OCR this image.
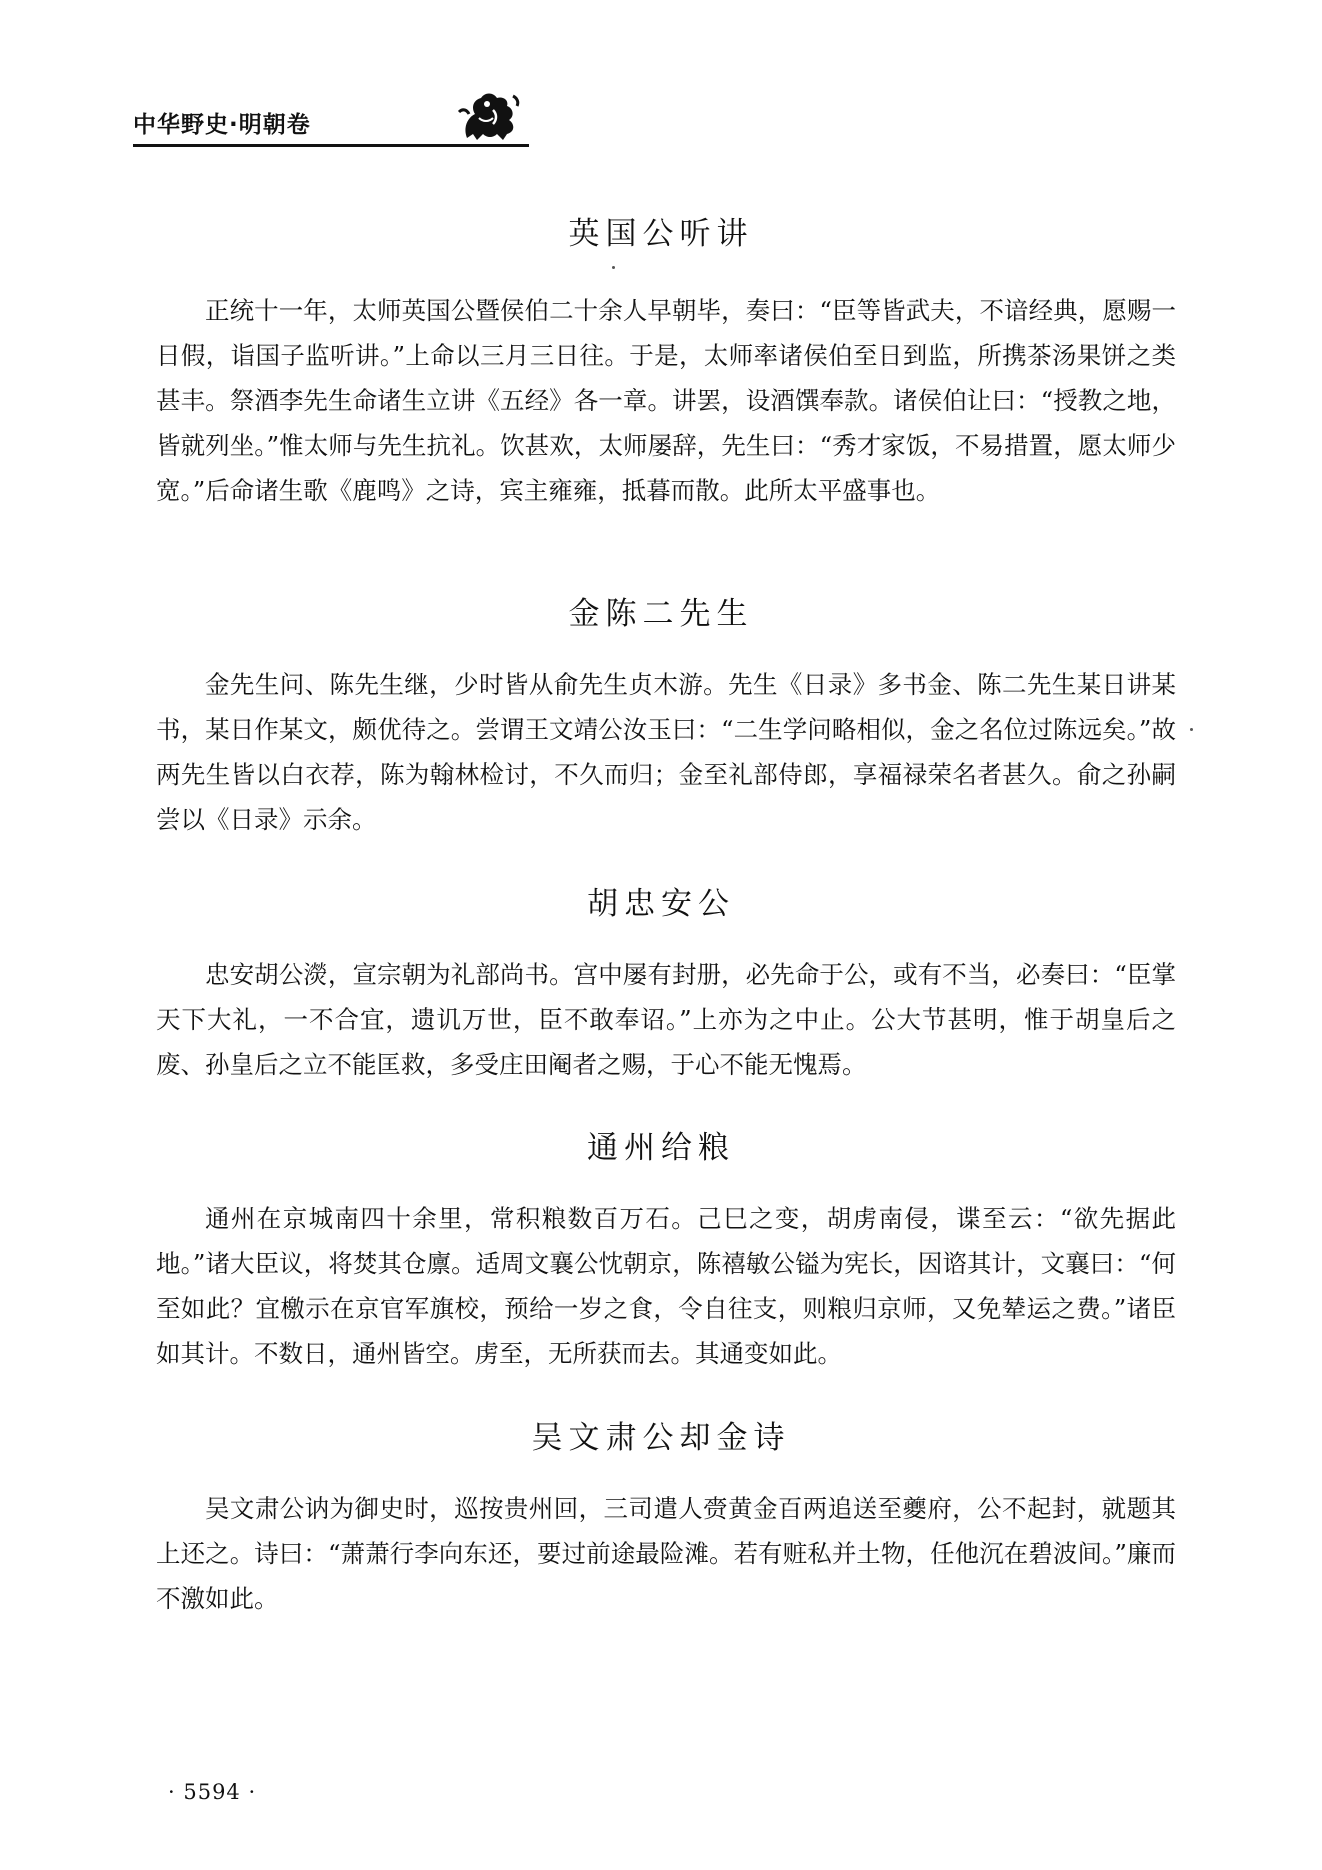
中华野史·明朝卷
英国公听讲
正统十一年，太师英国公暨侯伯二十余人早朝毕，奏曰：“臣等皆武夫，不谙经典，愿赐一日假，诣国子监听讲。”上命以三月三日往。于是，太师率诸侯伯至日到监，所携茶汤果饼之类甚丰。祭酒李先生命诸生立讲《五经》各一章。讲罢，设酒馔奉款。诸侯伯让曰：“授教之地，皆就列坐。”惟太师与先生抗礼。饮甚欢，太师屡辞，先生曰：“秀才家饭，不易措置，愿太师少宽。”后命诸生歌《鹿鸣》之诗，宾主雍雍，抵暮而散。此所太平盛事也。
金陈二先生
金先生问、陈先生继，少时皆从俞先生贞木游。先生《日录》多书金、陈二先生某日讲某书，某日作某文，颇优待之。尝谓王文靖公汝玉曰：“二生学问略相似，金之名位过陈远矣。”故两先生皆以白衣荐，陈为翰林检讨，不久而归；金至礼部侍郎，享福禄荣名者甚久。俞之孙嗣尝以《日录》示余。
胡忠安公
忠安胡公濙，宣宗朝为礼部尚书。宫中屡有封册，必先命于公，或有不当，必奏曰：“臣掌天下大礼，一不合宜，遗讥万世，臣不敢奉诏。”上亦为之中止。公大节甚明，惟于胡皇后之废、孙皇后之立不能匡救，多受庄田阉者之赐，于心不能无愧焉。
通州给粮
通州在京城南四十余里，常积粮数百万石。己巳之变，胡虏南侵，谍至云：“欲先据此地。”诸大臣议，将焚其仓廪。适周文襄公忱朝京，陈禧敏公镒为宪长，因谘其计，文襄曰：“何至如此？宜檄示在京官军旗校，预给一岁之食，令自往支，则粮归京师，又免辇运之费。”诸臣如其计。不数日，通州皆空。虏至，无所获而去。其通变如此。
吴文肃公却金诗
吴文肃公讷为御史时，巡按贵州回，三司遣人赍黄金百两追送至夔府，公不起封，就题其上还之。诗曰：“萧萧行李向东还，要过前途最险滩。若有赃私并土物，任他沉在碧波间。”廉而不激如此。
· 5594 ·
